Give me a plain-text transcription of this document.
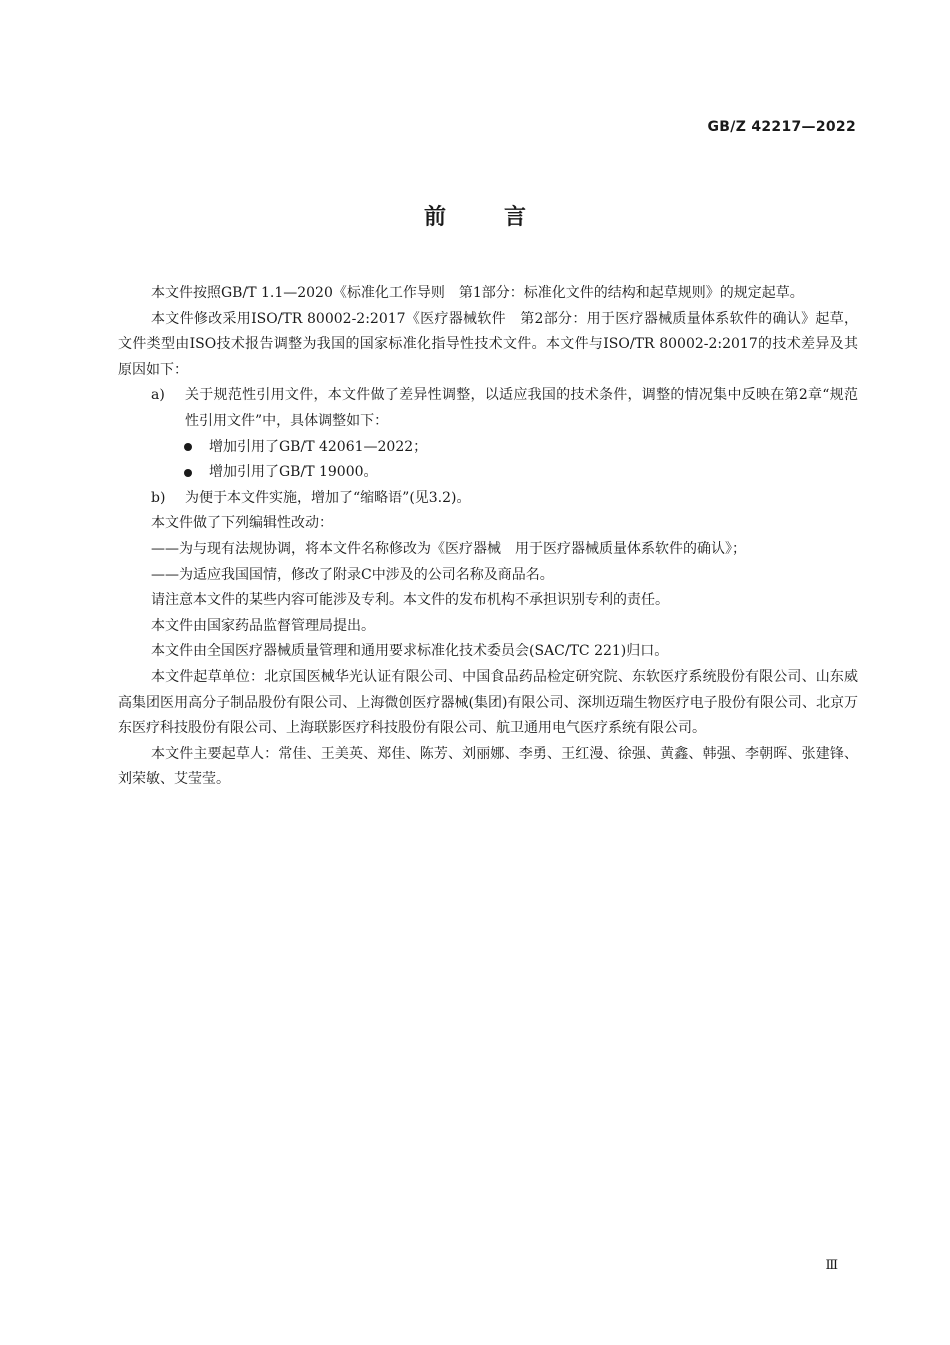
GB/Z 42217—2022
前言

本文件按照GB/T 1.1—2020《标准化工作导则　第1部分：标准化文件的结构和起草规则》的规定起草。

本文件修改采用ISO/TR 80002-2:2017《医疗器械软件　第2部分：用于医疗器械质量体系软件的确认》起草，文件类型由ISO技术报告调整为我国的国家标准化指导性技术文件。本文件与ISO/TR 80002-2:2017的技术差异及其原因如下：

a)	关于规范性引用文件，本文件做了差异性调整，以适应我国的技术条件，调整的情况集中反映在第2章“规范性引用文件”中，具体调整如下：
增加引用了GB/T 42061—2022；
增加引用了GB/T 19000。
b)	为便于本文件实施，增加了“缩略语”(见3.2)。

本文件做了下列编辑性改动：

——为与现有法规协调，将本文件名称修改为《医疗器械　用于医疗器械质量体系软件的确认》；

——为适应我国国情，修改了附录C中涉及的公司名称及商品名。

请注意本文件的某些内容可能涉及专利。本文件的发布机构不承担识别专利的责任。

本文件由国家药品监督管理局提出。

本文件由全国医疗器械质量管理和通用要求标准化技术委员会(SAC/TC 221)归口。

本文件起草单位：北京国医械华光认证有限公司、中国食品药品检定研究院、东软医疗系统股份有限公司、山东威高集团医用高分子制品股份有限公司、上海微创医疗器械(集团)有限公司、深圳迈瑞生物医疗电子股份有限公司、北京万东医疗科技股份有限公司、上海联影医疗科技股份有限公司、航卫通用电气医疗系统有限公司。

本文件主要起草人：常佳、王美英、郑佳、陈芳、刘丽娜、李勇、王红漫、徐强、黄鑫、韩强、李朝晖、张建锋、刘荣敏、艾莹莹。

Ⅲ
